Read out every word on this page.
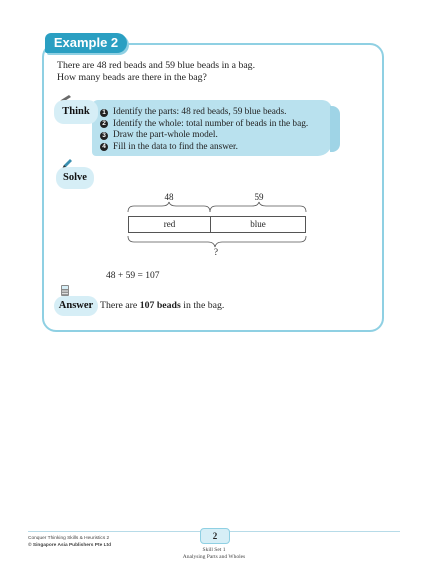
Example 2

There are 48 red beads and 59 blue beads in a bag.

How many beads are there in the bag?

Think	1 Identify the parts: 48 red beads, 59 blue beads.
2 Identify the whole: total number of beads in the bag.
3 Draw the part-whole model.
4 Fill in the data to find the answer.
Solve
48	59
red	blue
?
48 + 59 = 107
Answer There are 107 beads in the bag.
Conquer Thinking Skills & Heuristics 2
© Singapore Asia Publishers Pte Ltd
2
Skill Set 1
Analysing Parts and Wholes
